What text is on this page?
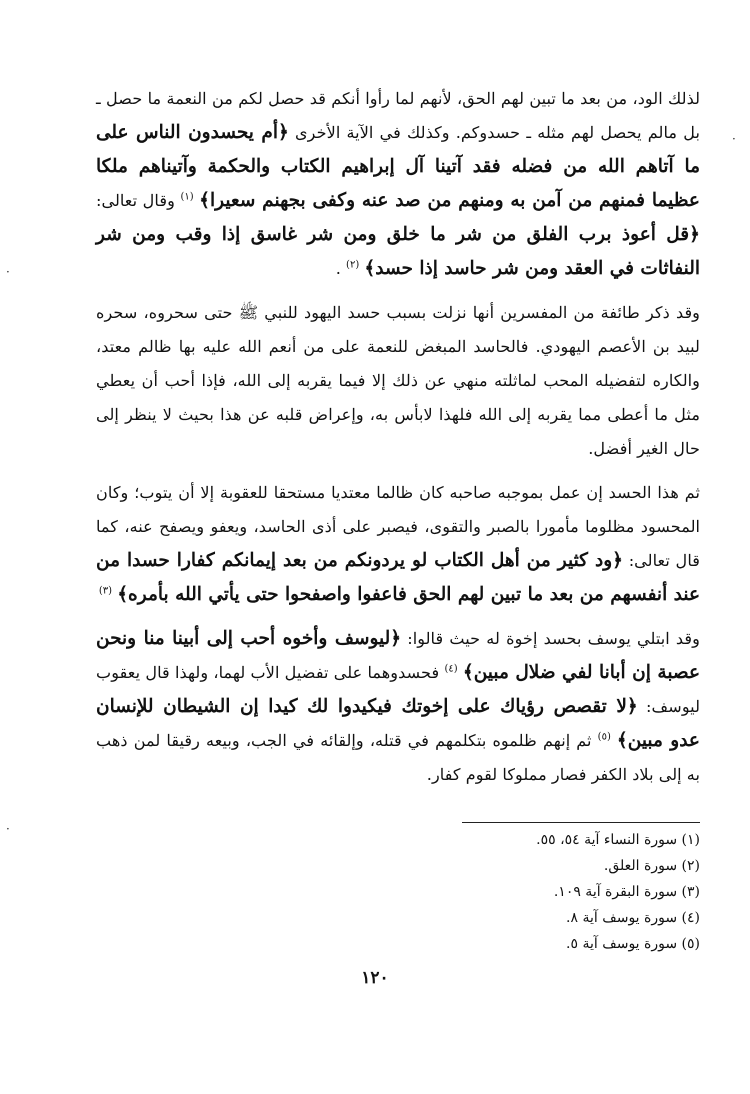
لذلك الود، من بعد ما تبين لهم الحق، لأنهم لما رأوا أنكم قد حصل لكم من النعمة ما حصل ـ بل مالم يحصل لهم مثله ـ حسدوكم. وكذلك في الآية الأخرى ﴿أم يحسدون الناس على ما آتاهم الله من فضله فقد آتينا آل إبراهيم الكتاب والحكمة وآتيناهم ملكا عظيما فمنهم من آمن به ومنهم من صد عنه وكفى بجهنم سعيرا﴾ $^{(١)}$ وقال تعالى: ﴿قل أعوذ برب الفلق من شر ما خلق ومن شر غاسق إذا وقب ومن شر النفاثات في العقد ومن شر حاسد إذا حسد﴾ $^{(٢)}$ .

وقد ذكر طائفة من المفسرين أنها نزلت بسبب حسد اليهود للنبي ﷺ حتى سحروه، سحره لبيد بن الأعصم اليهودي. فالحاسد المبغض للنعمة على من أنعم الله عليه بها ظالم معتد، والكاره لتفضيله المحب لماثلته منهي عن ذلك إلا فيما يقربه إلى الله، فإذا أحب أن يعطي مثل ما أعطى مما يقربه إلى الله فلهذا لابأس به، وإعراض قلبه عن هذا بحيث لا ينظر إلى حال الغير أفضل.

ثم هذا الحسد إن عمل بموجبه صاحبه كان ظالما معتديا مستحقا للعقوبة إلا أن يتوب؛ وكان المحسود مظلوما مأمورا بالصبر والتقوى، فيصبر على أذى الحاسد، ويعفو ويصفح عنه، كما قال تعالى: ﴿ود كثير من أهل الكتاب لو يردونكم من بعد إيمانكم كفارا حسدا من عند أنفسهم من بعد ما تبين لهم الحق فاعفوا واصفحوا حتى يأتي الله بأمره﴾ $^{(٣)}$

وقد ابتلي يوسف بحسد إخوة له حيث قالوا: ﴿ليوسف وأخوه أحب إلى أبينا منا ونحن عصبة إن أبانا لفي ضلال مبين﴾ $^{(٤)}$ فحسدوهما على تفضيل الأب لهما، ولهذا قال يعقوب ليوسف: ﴿لا تقصص رؤياك على إخوتك فيكيدوا لك كيدا إن الشيطان للإنسان عدو مبين﴾ $^{(٥)}$ ثم إنهم ظلموه بتكلمهم في قتله، وإلقائه في الجب، وبيعه رقيقا لمن ذهب به إلى بلاد الكفر فصار مملوكا لقوم كفار.

(١) سورة النساء آية ٥٤، ٥٥.

(٢) سورة العلق.

(٣) سورة البقرة آية ١٠٩.

(٤) سورة يوسف آية ٨.

(٥) سورة يوسف آية ٥.

١٢٠
·
·
·
